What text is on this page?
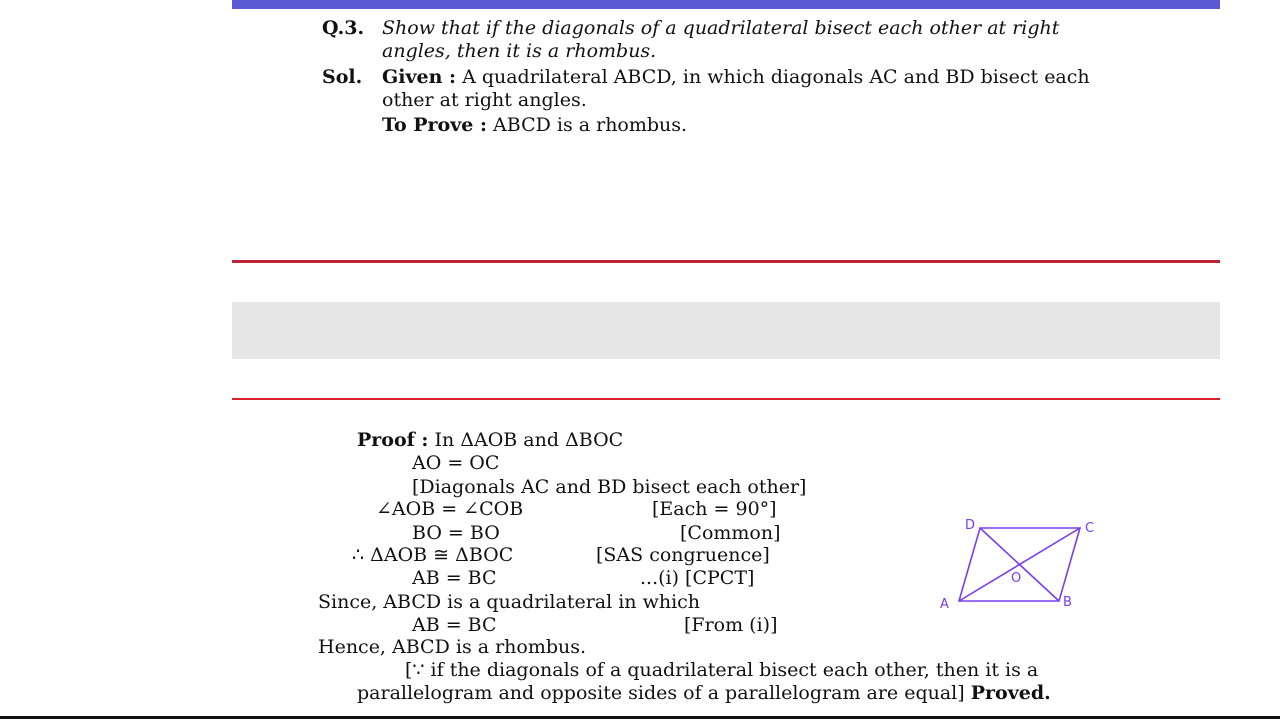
Q.3. Show that if the diagonals of a quadrilateral bisect each other at right
angles, then it is a rhombus.
Sol. Given : A quadrilateral ABCD, in which diagonals AC and BD bisect each
other at right angles.
To Prove : ABCD is a rhombus.
Proof : In ΔAOB and ΔBOC
AO = OC
[Diagonals AC and BD bisect each other]
∠AOB = ∠COB	[Each = 90°]
BO = BO	[Common]
∴ ΔAOB ≅ ΔBOC	[SAS congruence]
AB = BC	...(i) [CPCT]
Since, ABCD is a quadrilateral in which
AB = BC	[From (i)]
Hence, ABCD is a rhombus.
[∵ if the diagonals of a quadrilateral bisect each other, then it is a
parallelogram and opposite sides of a parallelogram are equal] Proved.
A	B
C
D
O
